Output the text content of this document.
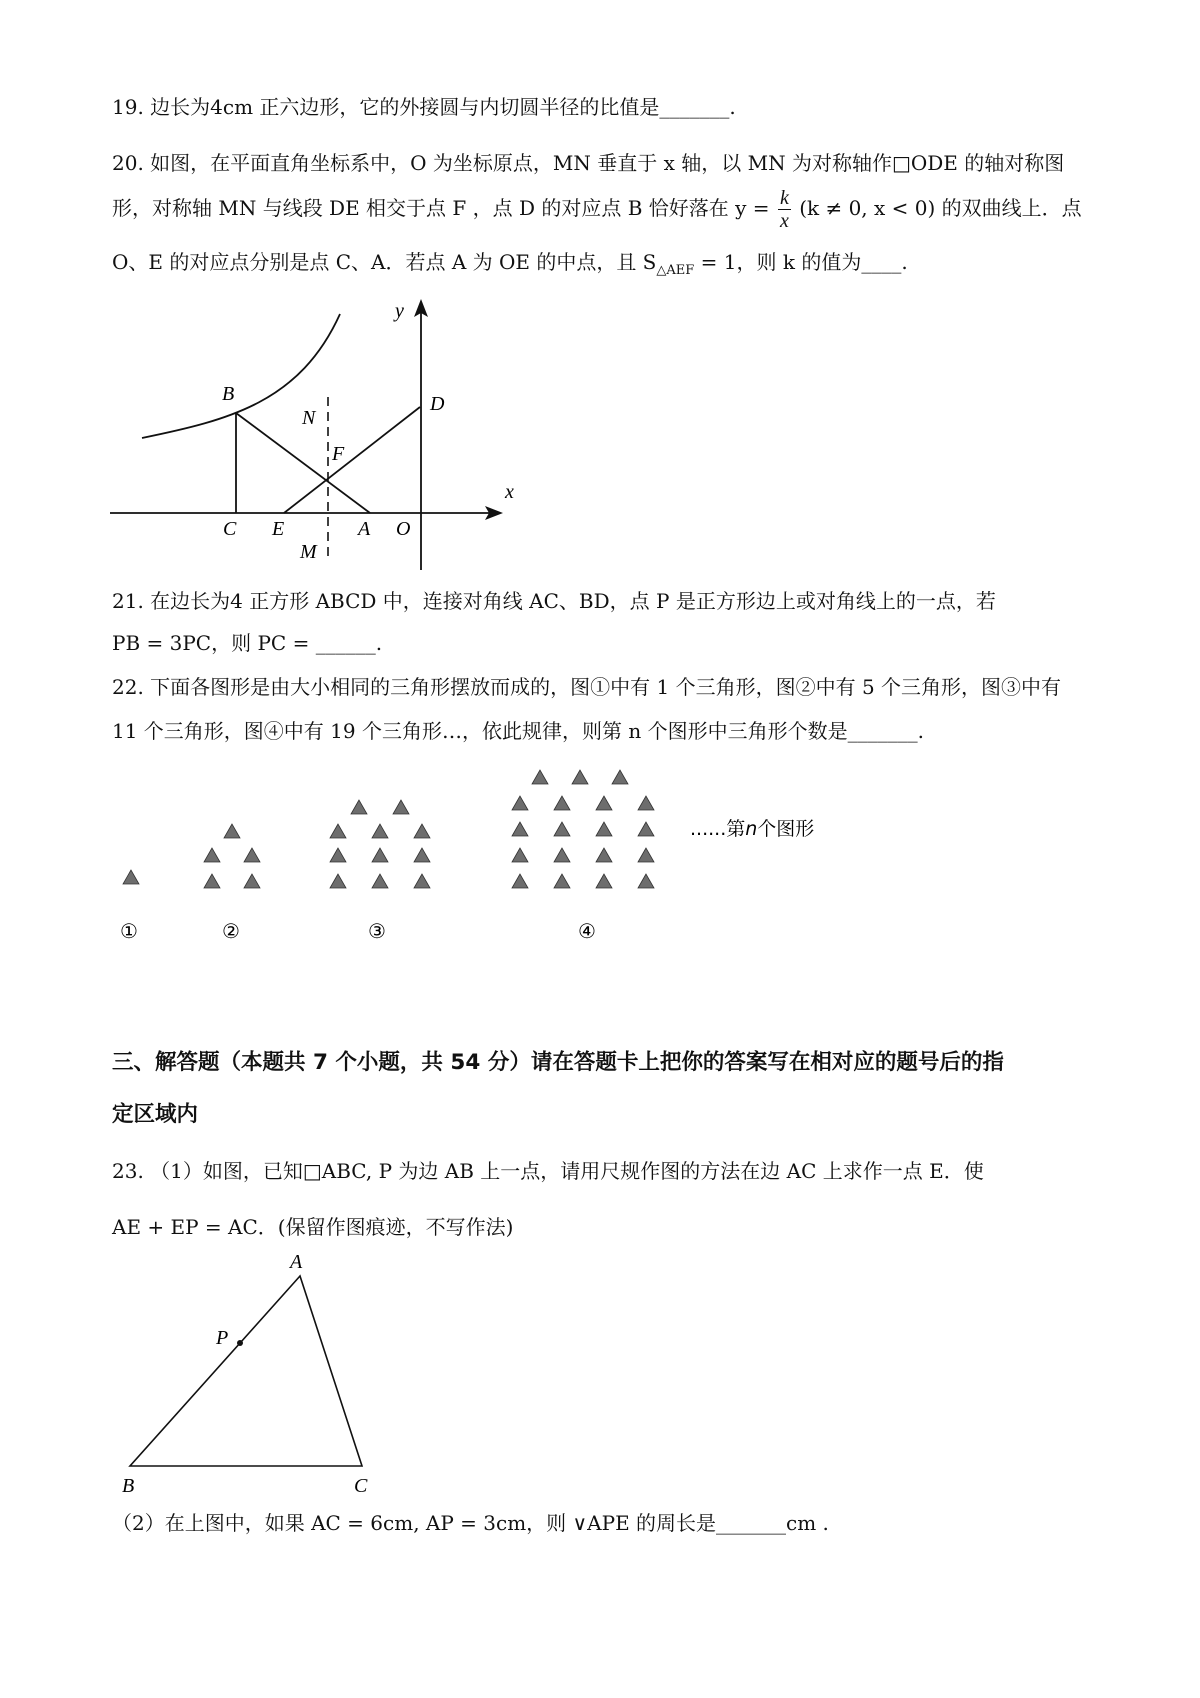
19. 边长为4cm 正六边形，它的外接圆与内切圆半径的比值是_______.
20. 如图，在平面直角坐标系中，O 为坐标原点，MN 垂直于 x 轴，以 MN 为对称轴作□ODE 的轴对称图
形，对称轴 MN 与线段 DE 相交于点 F ，点 D 的对应点 B 恰好落在 $y = \frac{k}{x} (k \ne 0$, x < 0) 的双曲线上．点
O、E 的对应点分别是点 C、A．若点 A 为 OE 的中点，且 $S_{\triangle AEF} = 1$，则 k 的值为____.
y
x
B	D
N
F
C E	A O
M
21. 在边长为4 正方形 ABCD 中，连接对角线 AC、BD，点 P 是正方形边上或对角线上的一点，若
PB = 3PC，则 PC = ______.
22. 下面各图形是由大小相同的三角形摆放而成的，图①中有 1 个三角形，图②中有 5 个三角形，图③中有
11 个三角形，图④中有 19 个三角形…，依此规律，则第 n 个图形中三角形个数是_______.
......第n个图形
①	②	③	④
三、解答题（本题共 7 个小题，共 54 分）请在答题卡上把你的答案写在相对应的题号后的指
定区域内
23. （1）如图，已知□ABC, P 为边 AB 上一点，请用尺规作图的方法在边 AC 上求作一点 E．使
AE + EP = AC．(保留作图痕迹，不写作法)
A
P
B	C
（2）在上图中，如果 AC = 6cm, AP = 3cm，则 ∨APE 的周长是_______cm .
